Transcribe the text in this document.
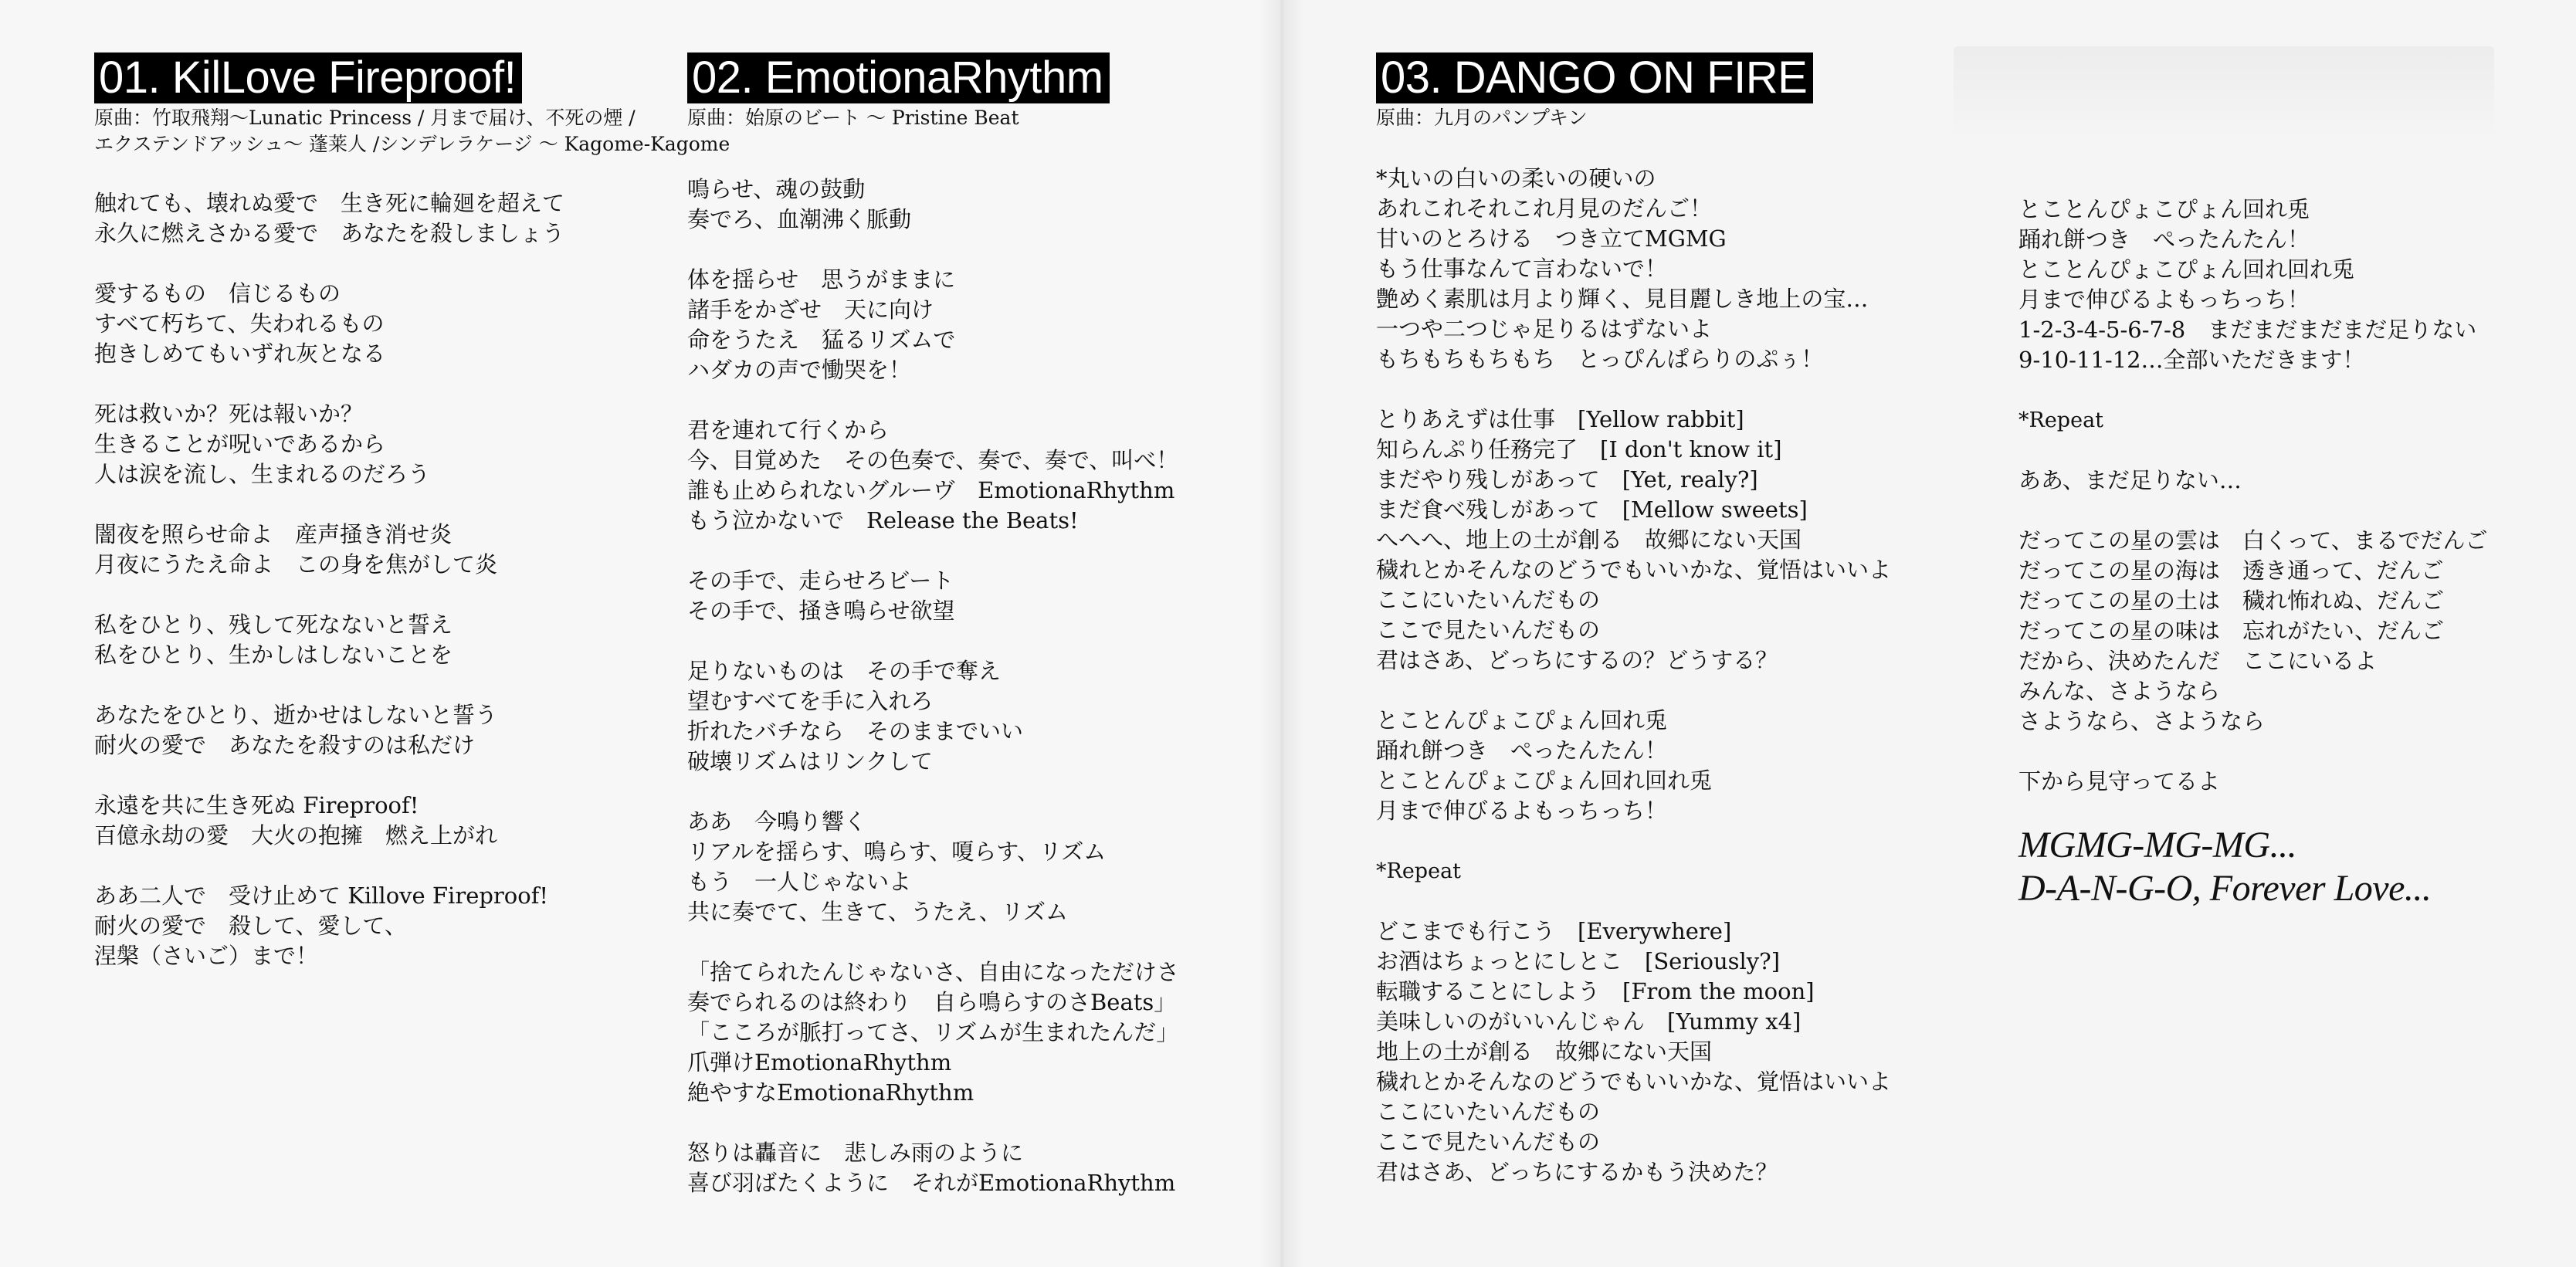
01. KilLove Fireproof!
原曲：竹取飛翔～Lunatic Princess / 月まで届け、不死の煙 /
エクステンドアッシュ～ 蓬莱人 /シンデレラケージ ～ Kagome-Kagome
触れても、壊れぬ愛で　生き死に輪廻を超えて
永久に燃えさかる愛で　あなたを殺しましょう
愛するもの　信じるもの
すべて朽ちて、失われるもの
抱きしめてもいずれ灰となる
死は救いか？死は報いか？
生きることが呪いであるから
人は涙を流し、生まれるのだろう
闇夜を照らせ命よ　産声掻き消せ炎
月夜にうたえ命よ　この身を焦がして炎
私をひとり、残して死なないと誓え
私をひとり、生かしはしないことを
あなたをひとり、逝かせはしないと誓う
耐火の愛で　あなたを殺すのは私だけ
永遠を共に生き死ぬ Fireproof!
百億永劫の愛　大火の抱擁　燃え上がれ
ああ二人で　受け止めて Killove Fireproof!
耐火の愛で　殺して、愛して、
涅槃（さいご）まで！
02. EmotionaRhythm
原曲：始原のビート ～ Pristine Beat
鳴らせ、魂の鼓動
奏でろ、血潮沸く脈動
体を揺らせ　思うがままに
諸手をかざせ　天に向け
命をうたえ　猛るリズムで
ハダカの声で慟哭を！
君を連れて行くから
今、目覚めた　その色奏で、奏で、奏で、叫べ！
誰も止められないグルーヴ　EmotionaRhythm
もう泣かないで　Release the Beats!
その手で、走らせろビート
その手で、掻き鳴らせ欲望
足りないものは　その手で奪え
望むすべてを手に入れろ
折れたバチなら　そのままでいい
破壊リズムはリンクして
ああ　今鳴り響く
リアルを揺らす、鳴らす、嗄らす、リズム
もう　一人じゃないよ
共に奏でて、生きて、うたえ、リズム
「捨てられたんじゃないさ、自由になっただけさ
奏でられるのは終わり　自ら鳴らすのさBeats」
「こころが脈打ってさ、リズムが生まれたんだ」
爪弾けEmotionaRhythm
絶やすなEmotionaRhythm
怒りは轟音に　悲しみ雨のように
喜び羽ばたくように　それがEmotionaRhythm
03. DANGO ON FIRE
原曲：九月のパンプキン
*丸いの白いの柔いの硬いの
あれこれそれこれ月見のだんご！
甘いのとろける　つき立てMGMG
もう仕事なんて言わないで！
艶めく素肌は月より輝く、見目麗しき地上の宝…
一つや二つじゃ足りるはずないよ
もちもちもちもち　とっぴんぱらりのぷぅ！
とりあえずは仕事　[Yellow rabbit]
知らんぷり任務完了　[I don't know it]
まだやり残しがあって　[Yet, realy?]
まだ食べ残しがあって　[Mellow sweets]
へへへ、地上の土が創る　故郷にない天国
穢れとかそんなのどうでもいいかな、覚悟はいいよ
ここにいたいんだもの
ここで見たいんだもの
君はさあ、どっちにするの？どうする？
とことんぴょこぴょん回れ兎
踊れ餅つき　ぺったんたん！
とことんぴょこぴょん回れ回れ兎
月まで伸びるよもっちっち！
*Repeat
どこまでも行こう　[Everywhere]
お酒はちょっとにしとこ　[Seriously?]
転職することにしよう　[From the moon]
美味しいのがいいんじゃん　[Yummy x4]
地上の土が創る　故郷にない天国
穢れとかそんなのどうでもいいかな、覚悟はいいよ
ここにいたいんだもの
ここで見たいんだもの
君はさあ、どっちにするかもう決めた？
とことんぴょこぴょん回れ兎
踊れ餅つき　ぺったんたん！
とことんぴょこぴょん回れ回れ兎
月まで伸びるよもっちっち！
1-2-3-4-5-6-7-8　まだまだまだまだ足りない
9-10-11-12…全部いただきます！
*Repeat
ああ、まだ足りない…
だってこの星の雲は　白くって、まるでだんご
だってこの星の海は　透き通って、だんご
だってこの星の土は　穢れ怖れぬ、だんご
だってこの星の味は　忘れがたい、だんご
だから、決めたんだ　ここにいるよ
みんな、さようなら
さようなら、さようなら
下から見守ってるよ
MGMG-MG-MG...
D-A-N-G-O, Forever Love...
